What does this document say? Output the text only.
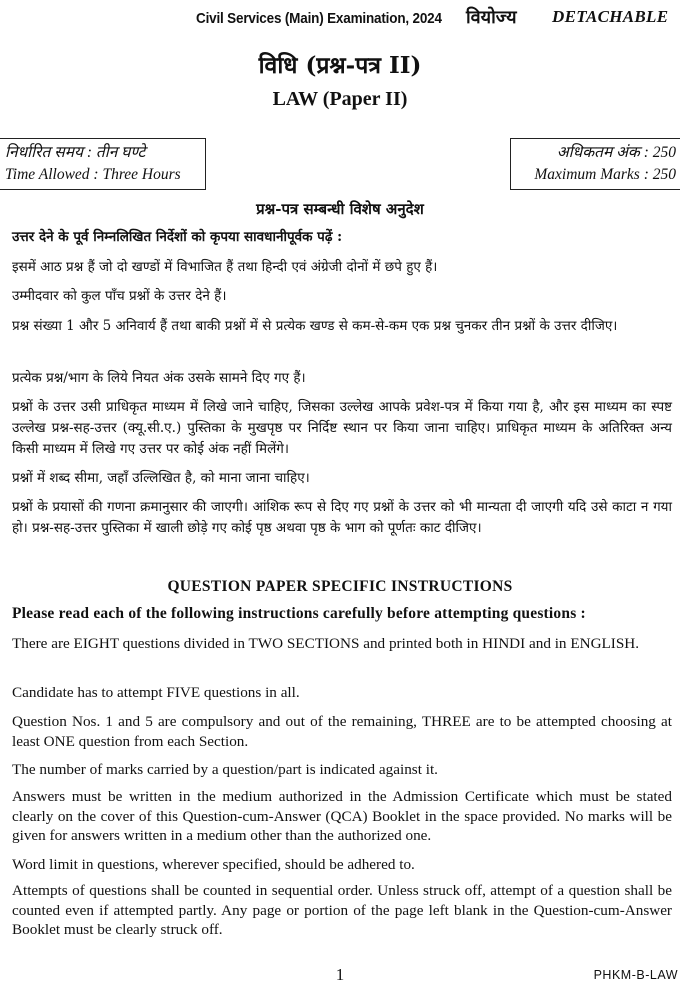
Civil Services (Main) Examination, 2024 वियोज्य DETACHABLE
विधि (प्रश्न-पत्र II)
LAW (Paper II)
निर्धारित समय : तीन घण्टे
Time Allowed : Three Hours
अधिकतम अंक : 250
Maximum Marks : 250
प्रश्न-पत्र सम्बन्धी विशेष अनुदेश
उत्तर देने के पूर्व निम्नलिखित निर्देशों को कृपया सावधानीपूर्वक पढ़ें :
इसमें आठ प्रश्न हैं जो दो खण्डों में विभाजित हैं तथा हिन्दी एवं अंग्रेजी दोनों में छपे हुए हैं।
उम्मीदवार को कुल पाँच प्रश्नों के उत्तर देने हैं।
प्रश्न संख्या 1 और 5 अनिवार्य हैं तथा बाकी प्रश्नों में से प्रत्येक खण्ड से कम-से-कम एक प्रश्न चुनकर तीन प्रश्नों के उत्तर दीजिए।
प्रत्येक प्रश्न/भाग के लिये नियत अंक उसके सामने दिए गए हैं।
प्रश्नों के उत्तर उसी प्राधिकृत माध्यम में लिखे जाने चाहिए, जिसका उल्लेख आपके प्रवेश-पत्र में किया गया है, और इस माध्यम का स्पष्ट उल्लेख प्रश्न-सह-उत्तर (क्यू.सी.ए.) पुस्तिका के मुखपृष्ठ पर निर्दिष्ट स्थान पर किया जाना चाहिए। प्राधिकृत माध्यम के अतिरिक्त अन्य किसी माध्यम में लिखे गए उत्तर पर कोई अंक नहीं मिलेंगे।
प्रश्नों में शब्द सीमा, जहाँ उल्लिखित है, को माना जाना चाहिए।
प्रश्नों के प्रयासों की गणना क्रमानुसार की जाएगी। आंशिक रूप से दिए गए प्रश्नों के उत्तर को भी मान्यता दी जाएगी यदि उसे काटा न गया हो। प्रश्न-सह-उत्तर पुस्तिका में खाली छोड़े गए कोई पृष्ठ अथवा पृष्ठ के भाग को पूर्णतः काट दीजिए।
QUESTION PAPER SPECIFIC INSTRUCTIONS
Please read each of the following instructions carefully before attempting questions :
There are EIGHT questions divided in TWO SECTIONS and printed both in HINDI and in ENGLISH.
Candidate has to attempt FIVE questions in all.
Question Nos. 1 and 5 are compulsory and out of the remaining, THREE are to be attempted choosing at least ONE question from each Section.
The number of marks carried by a question/part is indicated against it.
Answers must be written in the medium authorized in the Admission Certificate which must be stated clearly on the cover of this Question-cum-Answer (QCA) Booklet in the space provided. No marks will be given for answers written in a medium other than the authorized one.
Word limit in questions, wherever specified, should be adhered to.
Attempts of questions shall be counted in sequential order. Unless struck off, attempt of a question shall be counted even if attempted partly. Any page or portion of the page left blank in the Question-cum-Answer Booklet must be clearly struck off.
1	PHKM-B-LAW
